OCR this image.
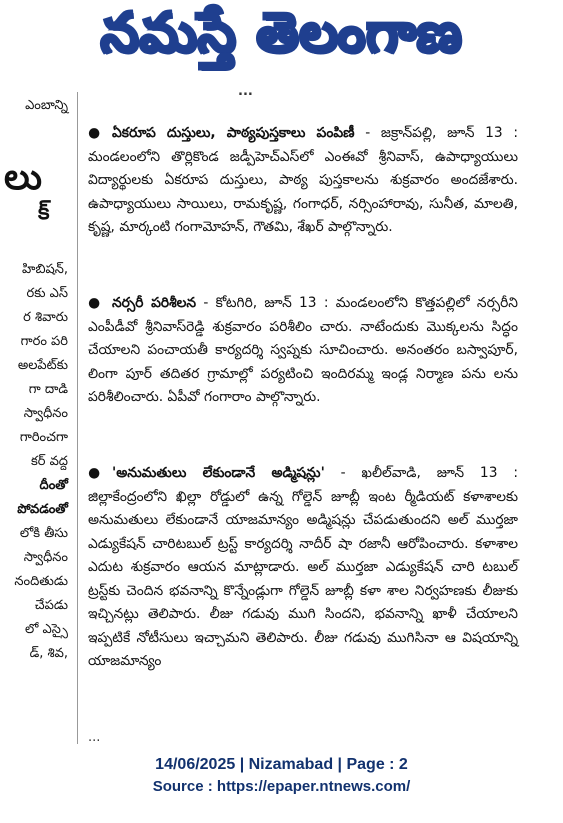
నమస్తే తెలంగాణ
ఎంబాన్ని
లు
క్
హిబిషన్,
రకు ఎస్
ర శివారు
గారం పరి
అలపేట్‌కు
గా దాడి
స్వాధీనం
గారించగా
కర్‌ వద్ద
దీంతో
పోవడంతో
లోకి తీసు
స్వాధీనం
నందితుడు
చేపడు
లో ఎస్సై
డ్, శివ,
...
● ఏకరూప దుస్తులు, పాఠ్యపుస్తకాలు పంపిణీ - జక్రాన్‌పల్లి, జూన్‌ 13 : మండలంలోని తొర్లికొండ జడ్పీహెచ్‌ఎస్‌లో ఎంఈవో శ్రీనివాస్‌, ఉపాధ్యాయులు విద్యార్థులకు ఏకరూప దుస్తులు, పాఠ్య పుస్తకాలను శుక్రవారం అందజేశారు. ఉపాధ్యాయులు సాయిలు, రామకృష్ణ, గంగాధర్‌, నర్సింహారావు, సునీత, మాలతి, కృష్ణ, మార్కంటి గంగామోహన్‌, గౌతమి, శేఖర్‌ పాల్గొన్నారు.
● నర్సరీ పరిశీలన - కోటగిరి, జూన్‌ 13 : మండలంలోని కొత్తపల్లిలో నర్సరీని ఎంపీడీవో శ్రీనివాస్‌రెడ్డి శుక్రవారం పరిశీలిం చారు. నాటేందుకు మొక్కలను సిద్ధం చేయాలని పంచాయతీ కార్యదర్శి స్వప్నకు సూచించారు. అనంతరం బస్వాపూర్‌, లింగా పూర్‌ తదితర గ్రామాల్లో పర్యటించి ఇందిరమ్మ ఇండ్ల నిర్మాణ పను లను పరిశీలించారు. ఏపీవో గంగారాం పాల్గొన్నారు.
● 'అనుమతులు లేకుండానే అడ్మిషన్లు' - ఖలీల్‌వాడి, జూన్‌ 13 : జిల్లాకేంద్రంలోని ఖిల్లా రోడ్డులో ఉన్న గోల్డెన్‌ జూబ్లీ ఇంట ర్మీడియట్‌ కళాశాలకు అనుమతులు లేకుండానే యాజమాన్యం అడ్మిషన్లు చేపడుతుందని అల్‌ ముర్తజా ఎడ్యుకేషన్‌ చారిటబుల్‌ ట్రస్ట్‌ కార్యదర్శి నాదీర్‌ షా రజానీ ఆరోపించారు. కళాశాల ఎదుట శుక్రవారం ఆయన మాట్లాడారు. అల్‌ ముర్తజా ఎడ్యుకేషన్‌ చారి టబుల్‌ ట్రస్ట్‌కు చెందిన భవనాన్ని కొన్నేండ్లుగా గోల్డెన్‌ జూబ్లీ కళా శాల నిర్వహణకు లీజుకు ఇచ్చినట్లు తెలిపారు. లీజు గడువు ముగి సిందని, భవనాన్ని ఖాళీ చేయాలని ఇప్పటికే నోటీసులు ఇచ్చామని తెలిపారు. లీజు గడువు ముగిసినా ఆ విషయాన్ని యాజమాన్యం
...
14/06/2025 | Nizamabad | Page : 2
Source : https://epaper.ntnews.com/
